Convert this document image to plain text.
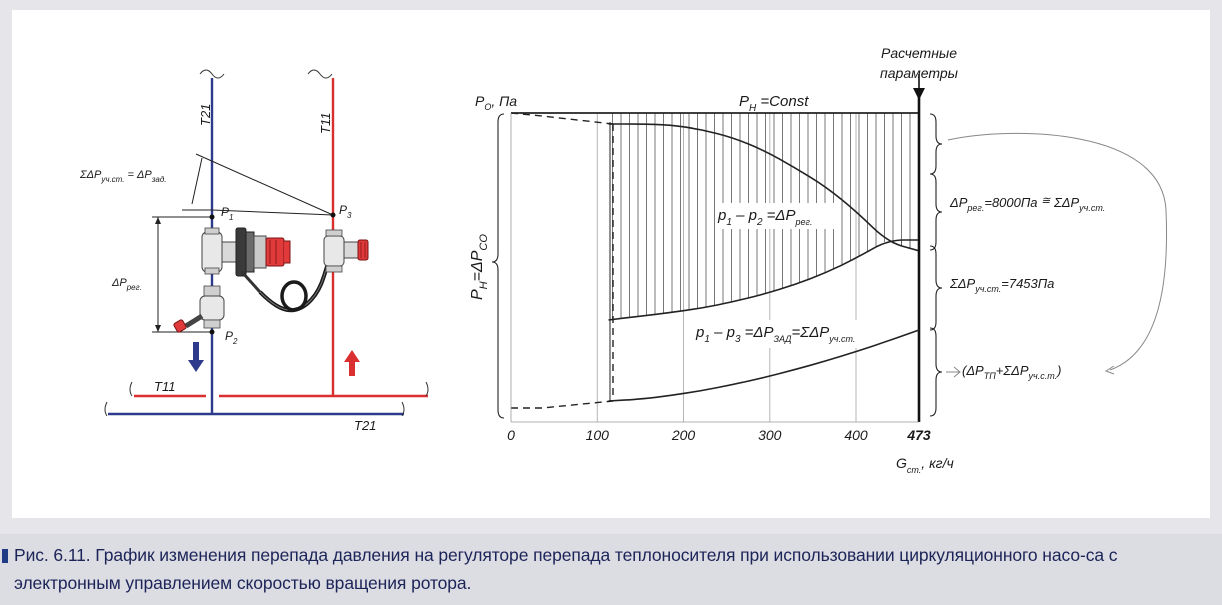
T21	T11
T11
T21
$\Sigma\Delta P_{уч.ст.} = \Delta P_{зад.}$
$\Delta P_{рег.}$
$P_1$
$P_2$
$P_3$
$P_H=\Delta P_{CO}$
$\Delta P_{рег.}=8000Па$ ≅ $\Sigma\Delta P_{уч.ст.}$
$\Sigma\Delta P_{уч.ст.}=7453Па$
$(\Delta P_{ТП}+\Sigma\Delta P_{уч.с.т.})$
$p_1 - p_2 =\Delta P_{рег.}$
$p_1 - p_3 =\Delta P_{ЗАД}=\Sigma\Delta P_{уч.ст.}$
$P_O$, Па	$P_H$ =Const
Расчетные
параметры
0	100	200	300	400	473
$G_{ст.}$, кг/ч

Рис. 6.11. График изменения перепада давления на регуляторе перепада теплоносителя при использовании циркуляционного насо-са с электронным управлением скоростью вращения ротора.
